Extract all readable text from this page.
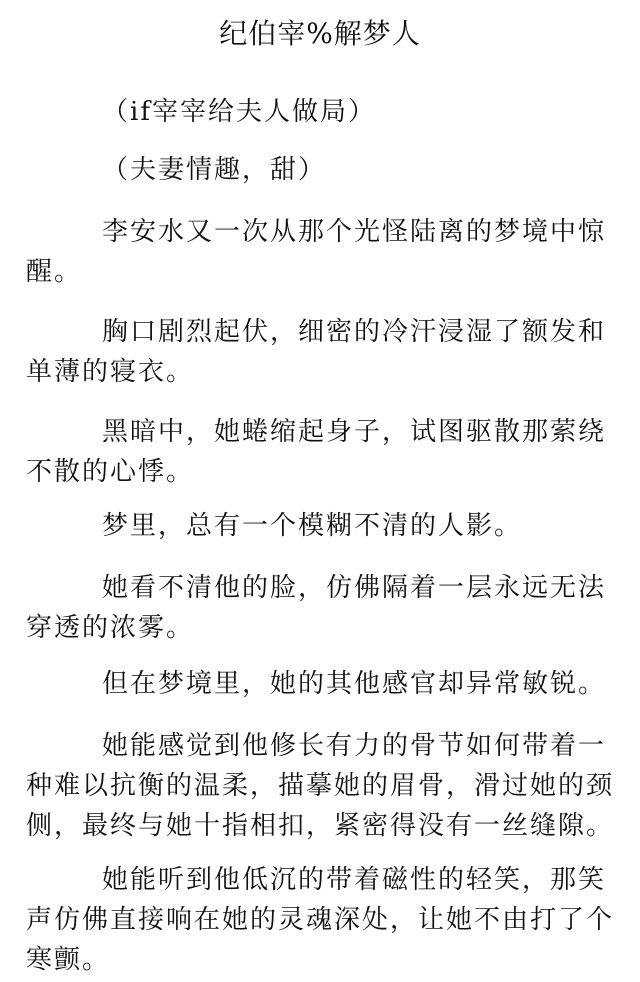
纪伯宰%解梦人

（if宰宰给夫人做局）

（夫妻情趣，甜）

李安水又一次从那个光怪陆离的梦境中惊醒。

胸口剧烈起伏，细密的冷汗浸湿了额发和单薄的寝衣。

黑暗中，她蜷缩起身子，试图驱散那萦绕不散的心悸。

梦里，总有一个模糊不清的人影。

她看不清他的脸，仿佛隔着一层永远无法穿透的浓雾。

但在梦境里，她的其他感官却异常敏锐。

她能感觉到他修长有力的骨节如何带着一种难以抗衡的温柔，描摹她的眉骨，滑过她的颈侧，最终与她十指相扣，紧密得没有一丝缝隙。

她能听到他低沉的带着磁性的轻笑，那笑声仿佛直接响在她的灵魂深处，让她不由打了个寒颤。
